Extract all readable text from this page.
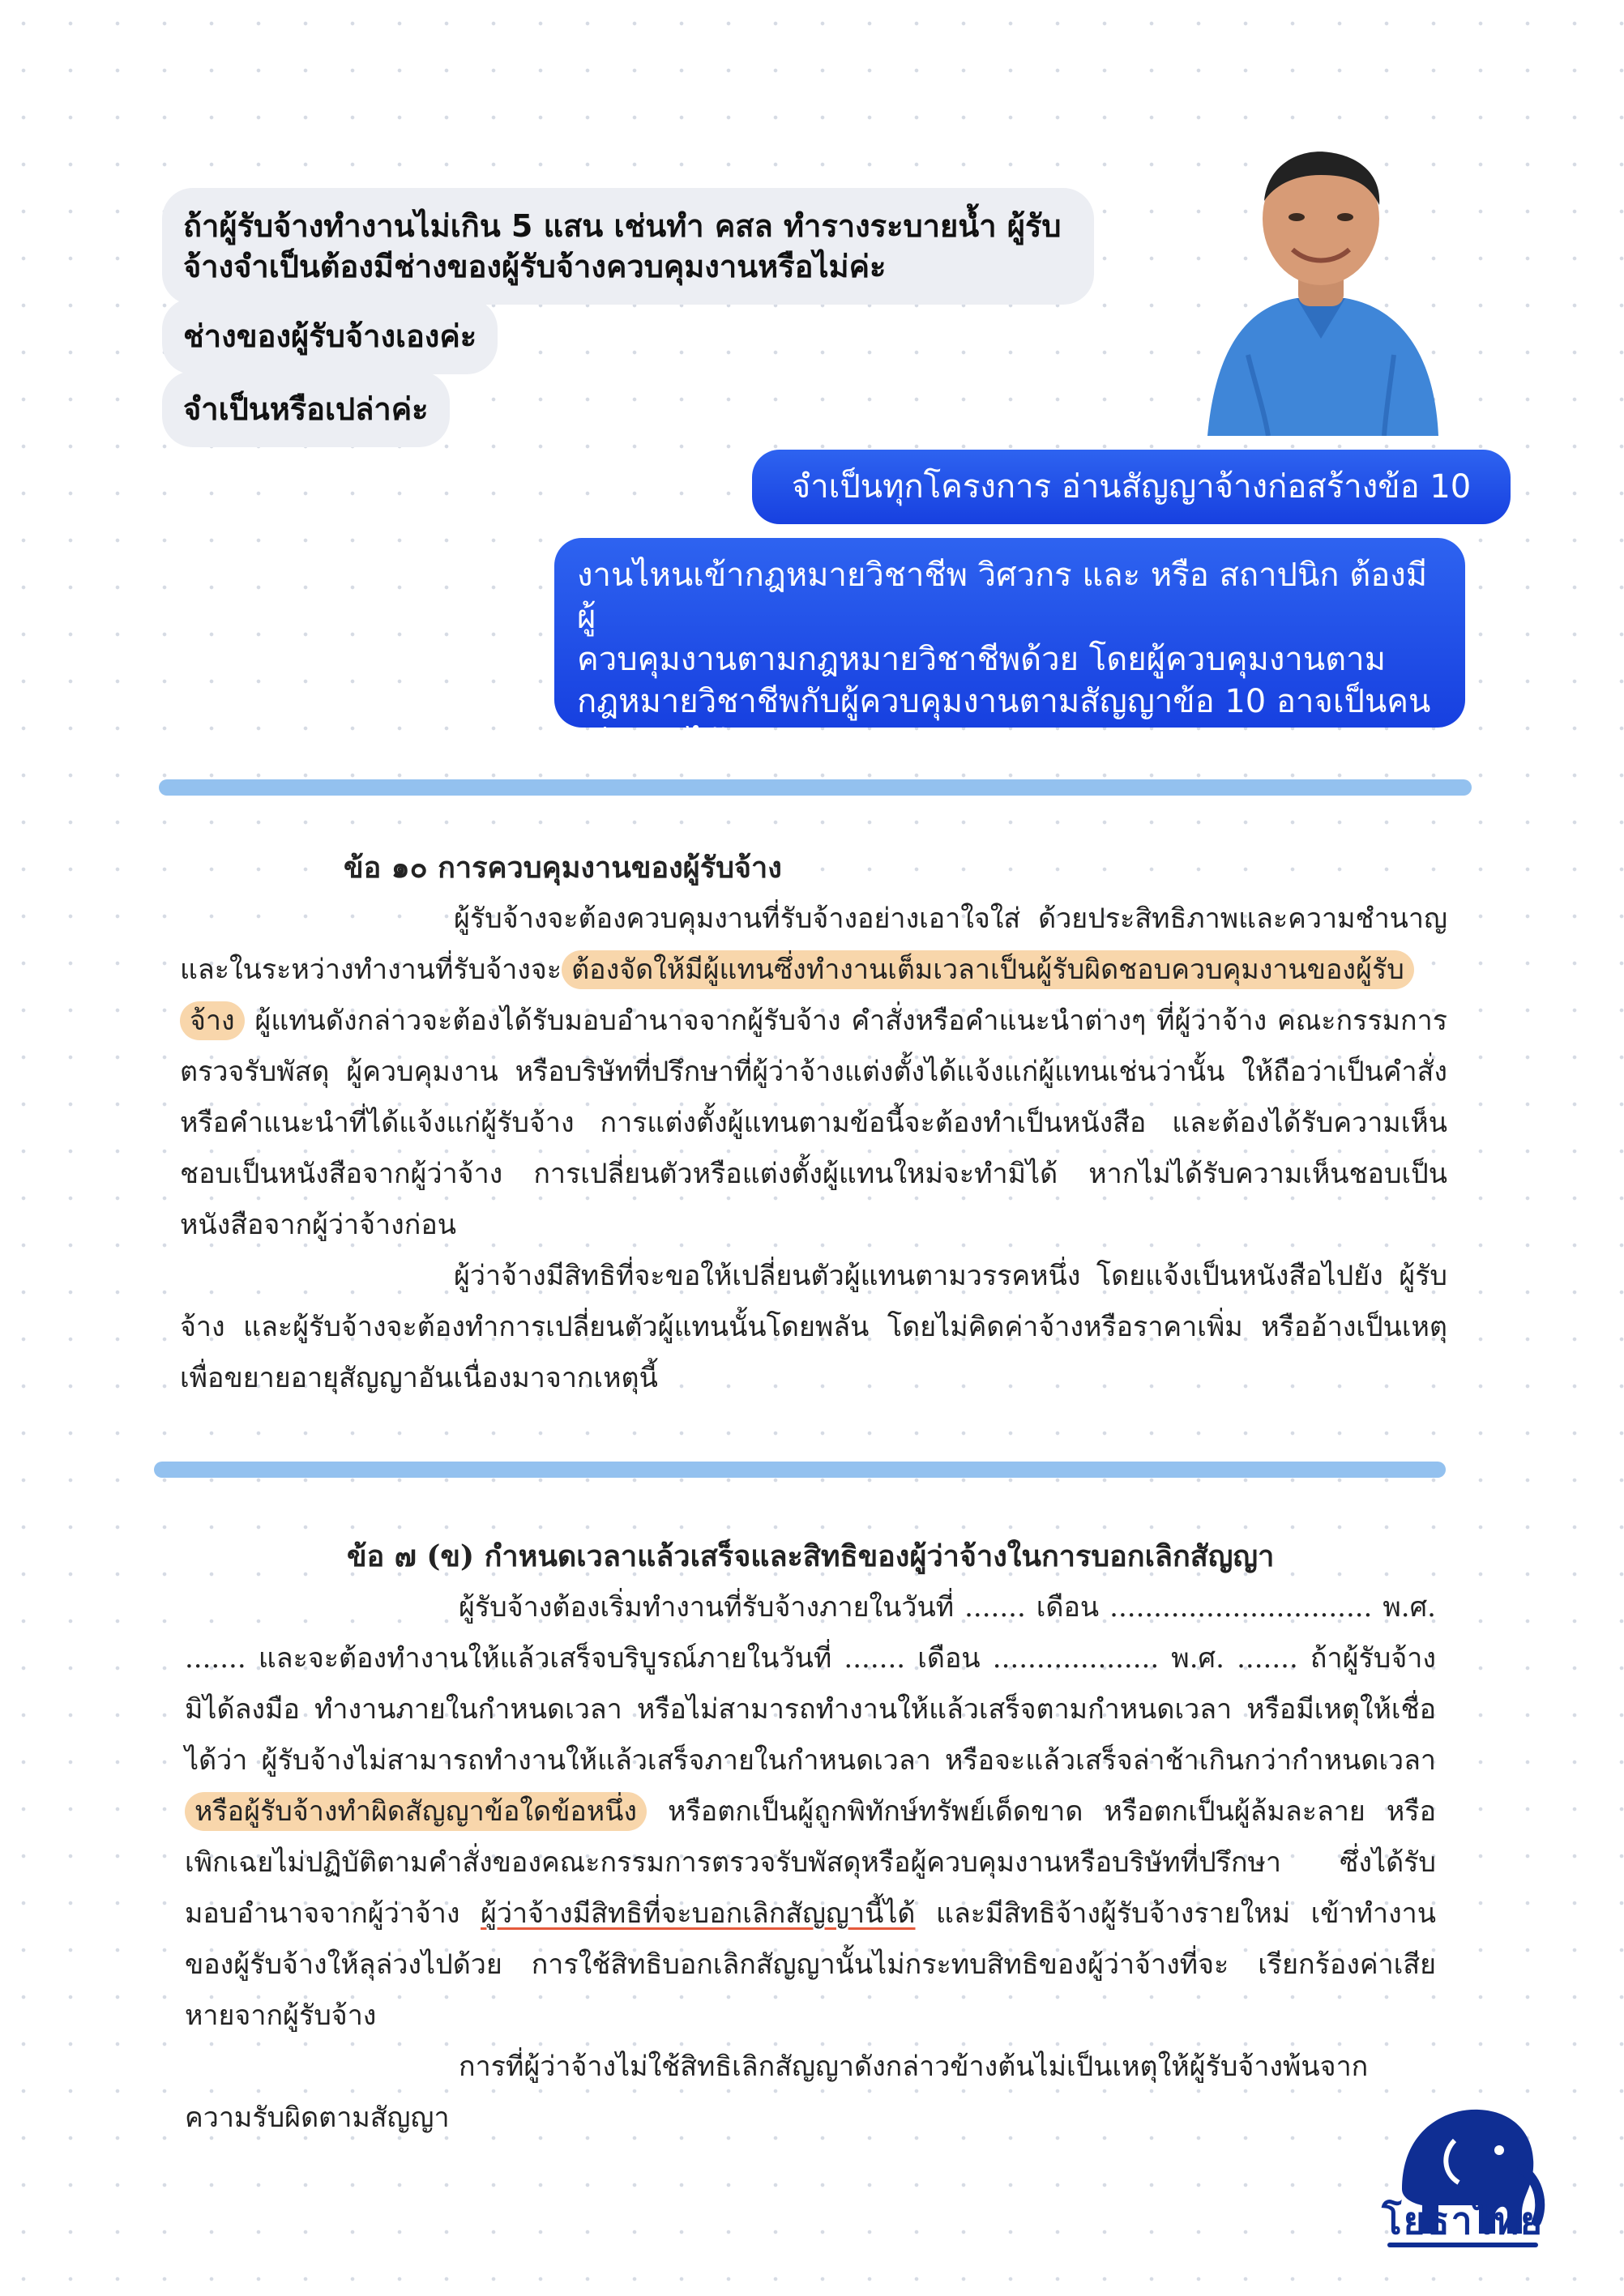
ถ้าผู้รับจ้างทำงานไม่เกิน 5 แสน เช่นทำ คสล ทำรางระบายน้ำ ผู้รับ
จ้างจำเป็นต้องมีช่างของผู้รับจ้างควบคุมงานหรือไม่ค่ะ
ช่างของผู้รับจ้างเองค่ะ
จำเป็นหรือเปล่าค่ะ
จำเป็นทุกโครงการ อ่านสัญญาจ้างก่อสร้างข้อ 10
งานไหนเข้ากฎหมายวิชาชีพ วิศวกร และ หรือ สถาปนิก ต้องมีผู้
ควบคุมงานตามกฎหมายวิชาชีพด้วย โดยผู้ควบคุมงานตาม
กฎหมายวิชาชีพกับผู้ควบคุมงานตามสัญญาข้อ 10 อาจเป็นคน
เดียวกันได้

ข้อ ๑๐ การควบคุมงานของผู้รับจ้าง

ผู้รับจ้างจะต้องควบคุมงานที่รับจ้างอย่างเอาใจใส่ ด้วยประสิทธิภาพและความชำนาญ และในระหว่างทำงานที่รับจ้างจะ ต้องจัดให้มีผู้แทนซึ่งทำงานเต็มเวลาเป็นผู้รับผิดชอบควบคุมงานของผู้รับจ้าง ผู้แทนดังกล่าวจะต้องได้รับมอบอำนาจจากผู้รับจ้าง คำสั่งหรือคำแนะนำต่างๆ ที่ผู้ว่าจ้าง คณะกรรมการตรวจรับพัสดุ ผู้ควบคุมงาน หรือบริษัทที่ปรึกษาที่ผู้ว่าจ้างแต่งตั้งได้แจ้งแก่ผู้แทนเช่นว่านั้น ให้ถือว่าเป็นคำสั่งหรือคำแนะนำที่ได้แจ้งแก่ผู้รับจ้าง การแต่งตั้งผู้แทนตามข้อนี้จะต้องทำเป็นหนังสือ และต้องได้รับความเห็นชอบเป็นหนังสือจากผู้ว่าจ้าง การเปลี่ยนตัวหรือแต่งตั้งผู้แทนใหม่จะทำมิได้ หากไม่ได้รับความเห็นชอบเป็นหนังสือจากผู้ว่าจ้างก่อน

ผู้ว่าจ้างมีสิทธิที่จะขอให้เปลี่ยนตัวผู้แทนตามวรรคหนึ่ง โดยแจ้งเป็นหนังสือไปยัง ผู้รับจ้าง และผู้รับจ้างจะต้องทำการเปลี่ยนตัวผู้แทนนั้นโดยพลัน โดยไม่คิดค่าจ้างหรือราคาเพิ่ม หรืออ้างเป็นเหตุเพื่อขยายอายุสัญญาอันเนื่องมาจากเหตุนี้

ข้อ ๗ (ข) กำหนดเวลาแล้วเสร็จและสิทธิของผู้ว่าจ้างในการบอกเลิกสัญญา

ผู้รับจ้างต้องเริ่มทำงานที่รับจ้างภายในวันที่ ....... เดือน .............................. พ.ศ. ....... และจะต้องทำงานให้แล้วเสร็จบริบูรณ์ภายในวันที่ ....... เดือน ................... พ.ศ. ....... ถ้าผู้รับจ้างมิได้ลงมือ ทำงานภายในกำหนดเวลา หรือไม่สามารถทำงานให้แล้วเสร็จตามกำหนดเวลา หรือมีเหตุให้เชื่อได้ว่า ผู้รับจ้างไม่สามารถทำงานให้แล้วเสร็จภายในกำหนดเวลา หรือจะแล้วเสร็จล่าช้าเกินกว่ากำหนดเวลา หรือผู้รับจ้างทำผิดสัญญาข้อใดข้อหนึ่ง หรือตกเป็นผู้ถูกพิทักษ์ทรัพย์เด็ดขาด หรือตกเป็นผู้ล้มละลาย หรือเพิกเฉยไม่ปฏิบัติตามคำสั่งของคณะกรรมการตรวจรับพัสดุหรือผู้ควบคุมงานหรือบริษัทที่ปรึกษา ซึ่งได้รับมอบอำนาจจากผู้ว่าจ้าง ผู้ว่าจ้างมีสิทธิที่จะบอกเลิกสัญญานี้ได้ และมีสิทธิจ้างผู้รับจ้างรายใหม่ เข้าทำงานของผู้รับจ้างให้ลุล่วงไปด้วย การใช้สิทธิบอกเลิกสัญญานั้นไม่กระทบสิทธิของผู้ว่าจ้างที่จะ เรียกร้องค่าเสียหายจากผู้รับจ้าง

การที่ผู้ว่าจ้างไม่ใช้สิทธิเลิกสัญญาดังกล่าวข้างต้นไม่เป็นเหตุให้ผู้รับจ้างพ้นจาก ความรับผิดตามสัญญา

โยธาไทย
